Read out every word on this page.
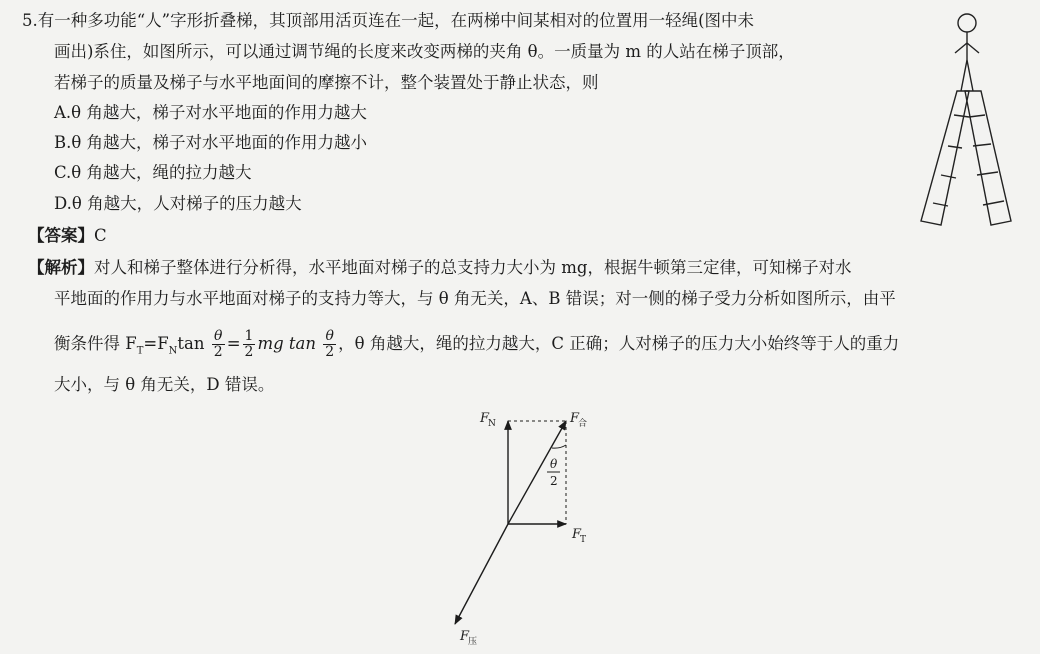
5.有一种多功能“人”字形折叠梯，其顶部用活页连在一起，在两梯中间某相对的位置用一轻绳(图中未
画出)系住，如图所示，可以通过调节绳的长度来改变两梯的夹角 θ。一质量为 m 的人站在梯子顶部，
若梯子的质量及梯子与水平地面间的摩擦不计，整个装置处于静止状态，则
A.θ 角越大，梯子对水平地面的作用力越大
B.θ 角越大，梯子对水平地面的作用力越小
C.θ 角越大，绳的拉力越大
D.θ 角越大，人对梯子的压力越大
【答案】C
【解析】对人和梯子整体进行分析得，水平地面对梯子的总支持力大小为 mg，根据牛顿第三定律，可知梯子对水
平地面的作用力与水平地面对梯子的支持力等大，与 θ 角无关，A、B 错误；对一侧的梯子受力分析如图所示，由平
衡条件得 $F_T=F_N\tan \frac{\theta}{2} = \frac{1}{2}$ mg $\tan \frac{\theta}{2}$ ，θ 角越大，绳的拉力越大，C 正确；人对梯子的压力大小始终等于人的重力
大小，与 θ 角无关，D 错误。
F
N	F
合
F
T
F
压
θ
2
